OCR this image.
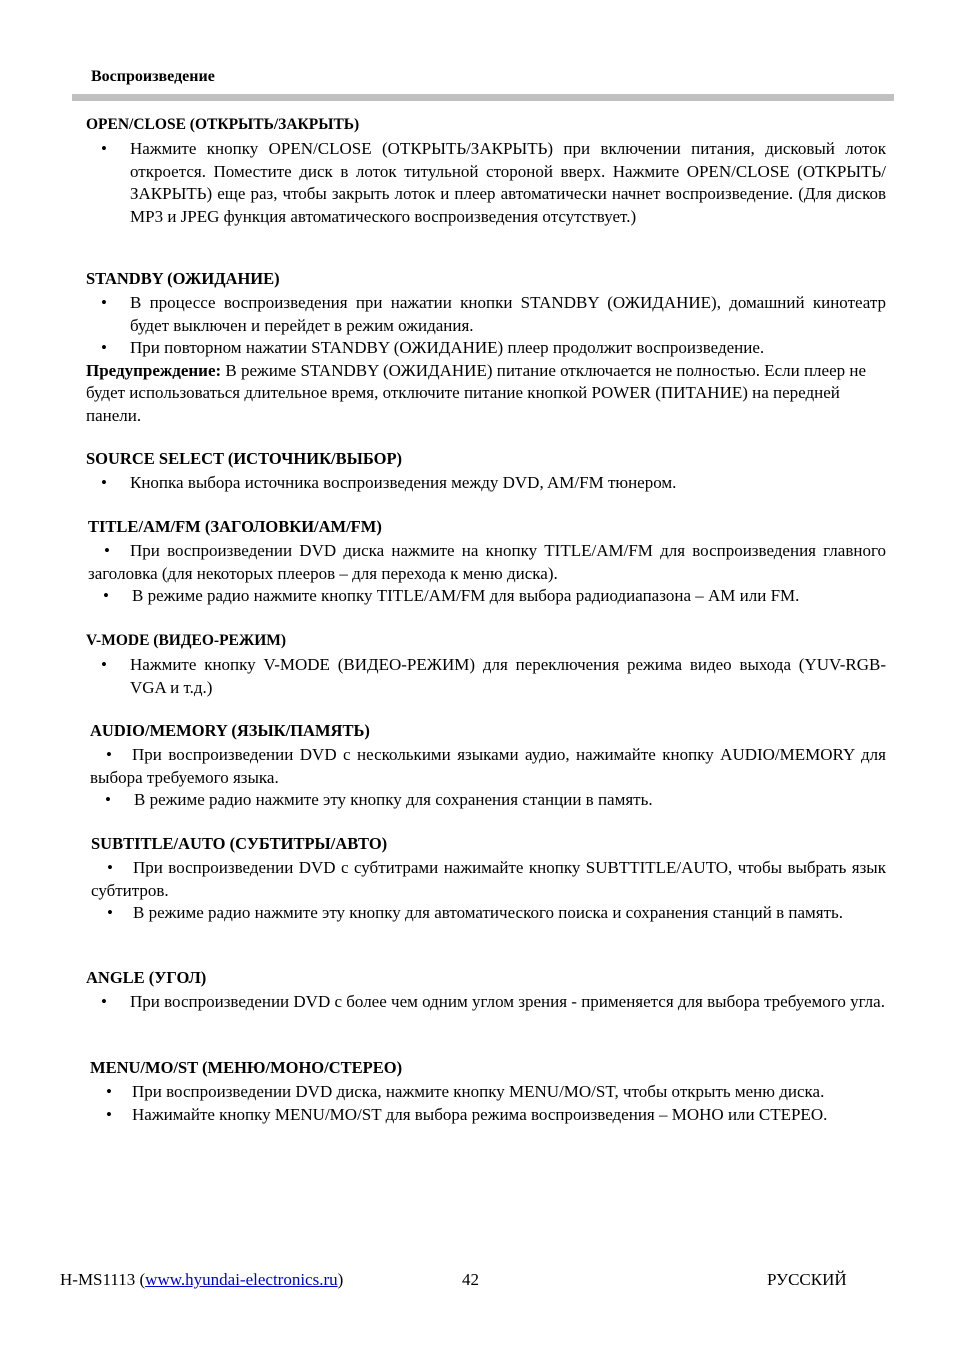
Воспроизведение
OPEN/CLOSE (ОТКРЫТЬ/ЗАКРЫТЬ)
• Нажмите кнопку OPEN/CLOSE (ОТКРЫТЬ/ЗАКРЫТЬ) при включении питания, дисковый лоток откроется. Поместите диск в лоток титульной стороной вверх. Нажмите OPEN/CLOSE (ОТКРЫТЬ/ЗАКРЫТЬ) еще раз, чтобы закрыть лоток и плеер автоматически начнет воспроизведение. (Для дисков MP3 и JPEG функция автоматического воспроизведения отсутствует.)
STANDBY (ОЖИДАНИЕ)
• В процессе воспроизведения при нажатии кнопки STANDBY (ОЖИДАНИЕ), домашний кинотеатр будет выключен и перейдет в режим ожидания.
• При повторном нажатии STANDBY (ОЖИДАНИЕ) плеер продолжит воспроизведение.
Предупреждение: В режиме STANDBY (ОЖИДАНИЕ) питание отключается не полностью. Если плеер не будет использоваться длительное время, отключите питание кнопкой POWER (ПИТАНИЕ) на передней панели.
SOURCE SELECT (ИСТОЧНИК/ВЫБОР)
• Кнопка выбора источника воспроизведения между DVD, AM/FM тюнером.
TITLE/AM/FM (ЗАГОЛОВКИ/AM/FM)
• При воспроизведении DVD диска нажмите на кнопку TITLE/AM/FM для воспроизведения главного заголовка (для некоторых плееров – для перехода к меню диска).
• В режиме радио нажмите кнопку TITLE/AM/FM для выбора радиодиапазона – AM или FM.
V-MODE (ВИДЕО-РЕЖИМ)
• Нажмите кнопку V-MODE (ВИДЕО-РЕЖИМ) для переключения режима видео выхода (YUV-RGB-VGA и т.д.)
AUDIO/MEMORY (ЯЗЫК/ПАМЯТЬ)
• При воспроизведении DVD с несколькими языками аудио, нажимайте кнопку AUDIO/MEMORY для выбора требуемого языка.
• В режиме радио нажмите эту кнопку для сохранения станции в память.
SUBTITLE/AUTO (СУБТИТРЫ/АВТО)
• При воспроизведении DVD с субтитрами нажимайте кнопку SUBTTITLE/AUTO, чтобы выбрать язык субтитров.
• В режиме радио нажмите эту кнопку для автоматического поиска и сохранения станций в память.
ANGLE (УГОЛ)
• При воспроизведении DVD с более чем одним углом зрения - применяется для выбора требуемого угла.
MENU/MO/ST (МЕНЮ/МОНО/СТЕРЕО)
• При воспроизведении DVD диска, нажмите кнопку MENU/MO/ST, чтобы открыть меню диска.
• Нажимайте кнопку MENU/MO/ST для выбора режима воспроизведения – МОНО или СТЕРЕО.
H-MS1113 (www.hyundai-electronics.ru)	42	РУССКИЙ
